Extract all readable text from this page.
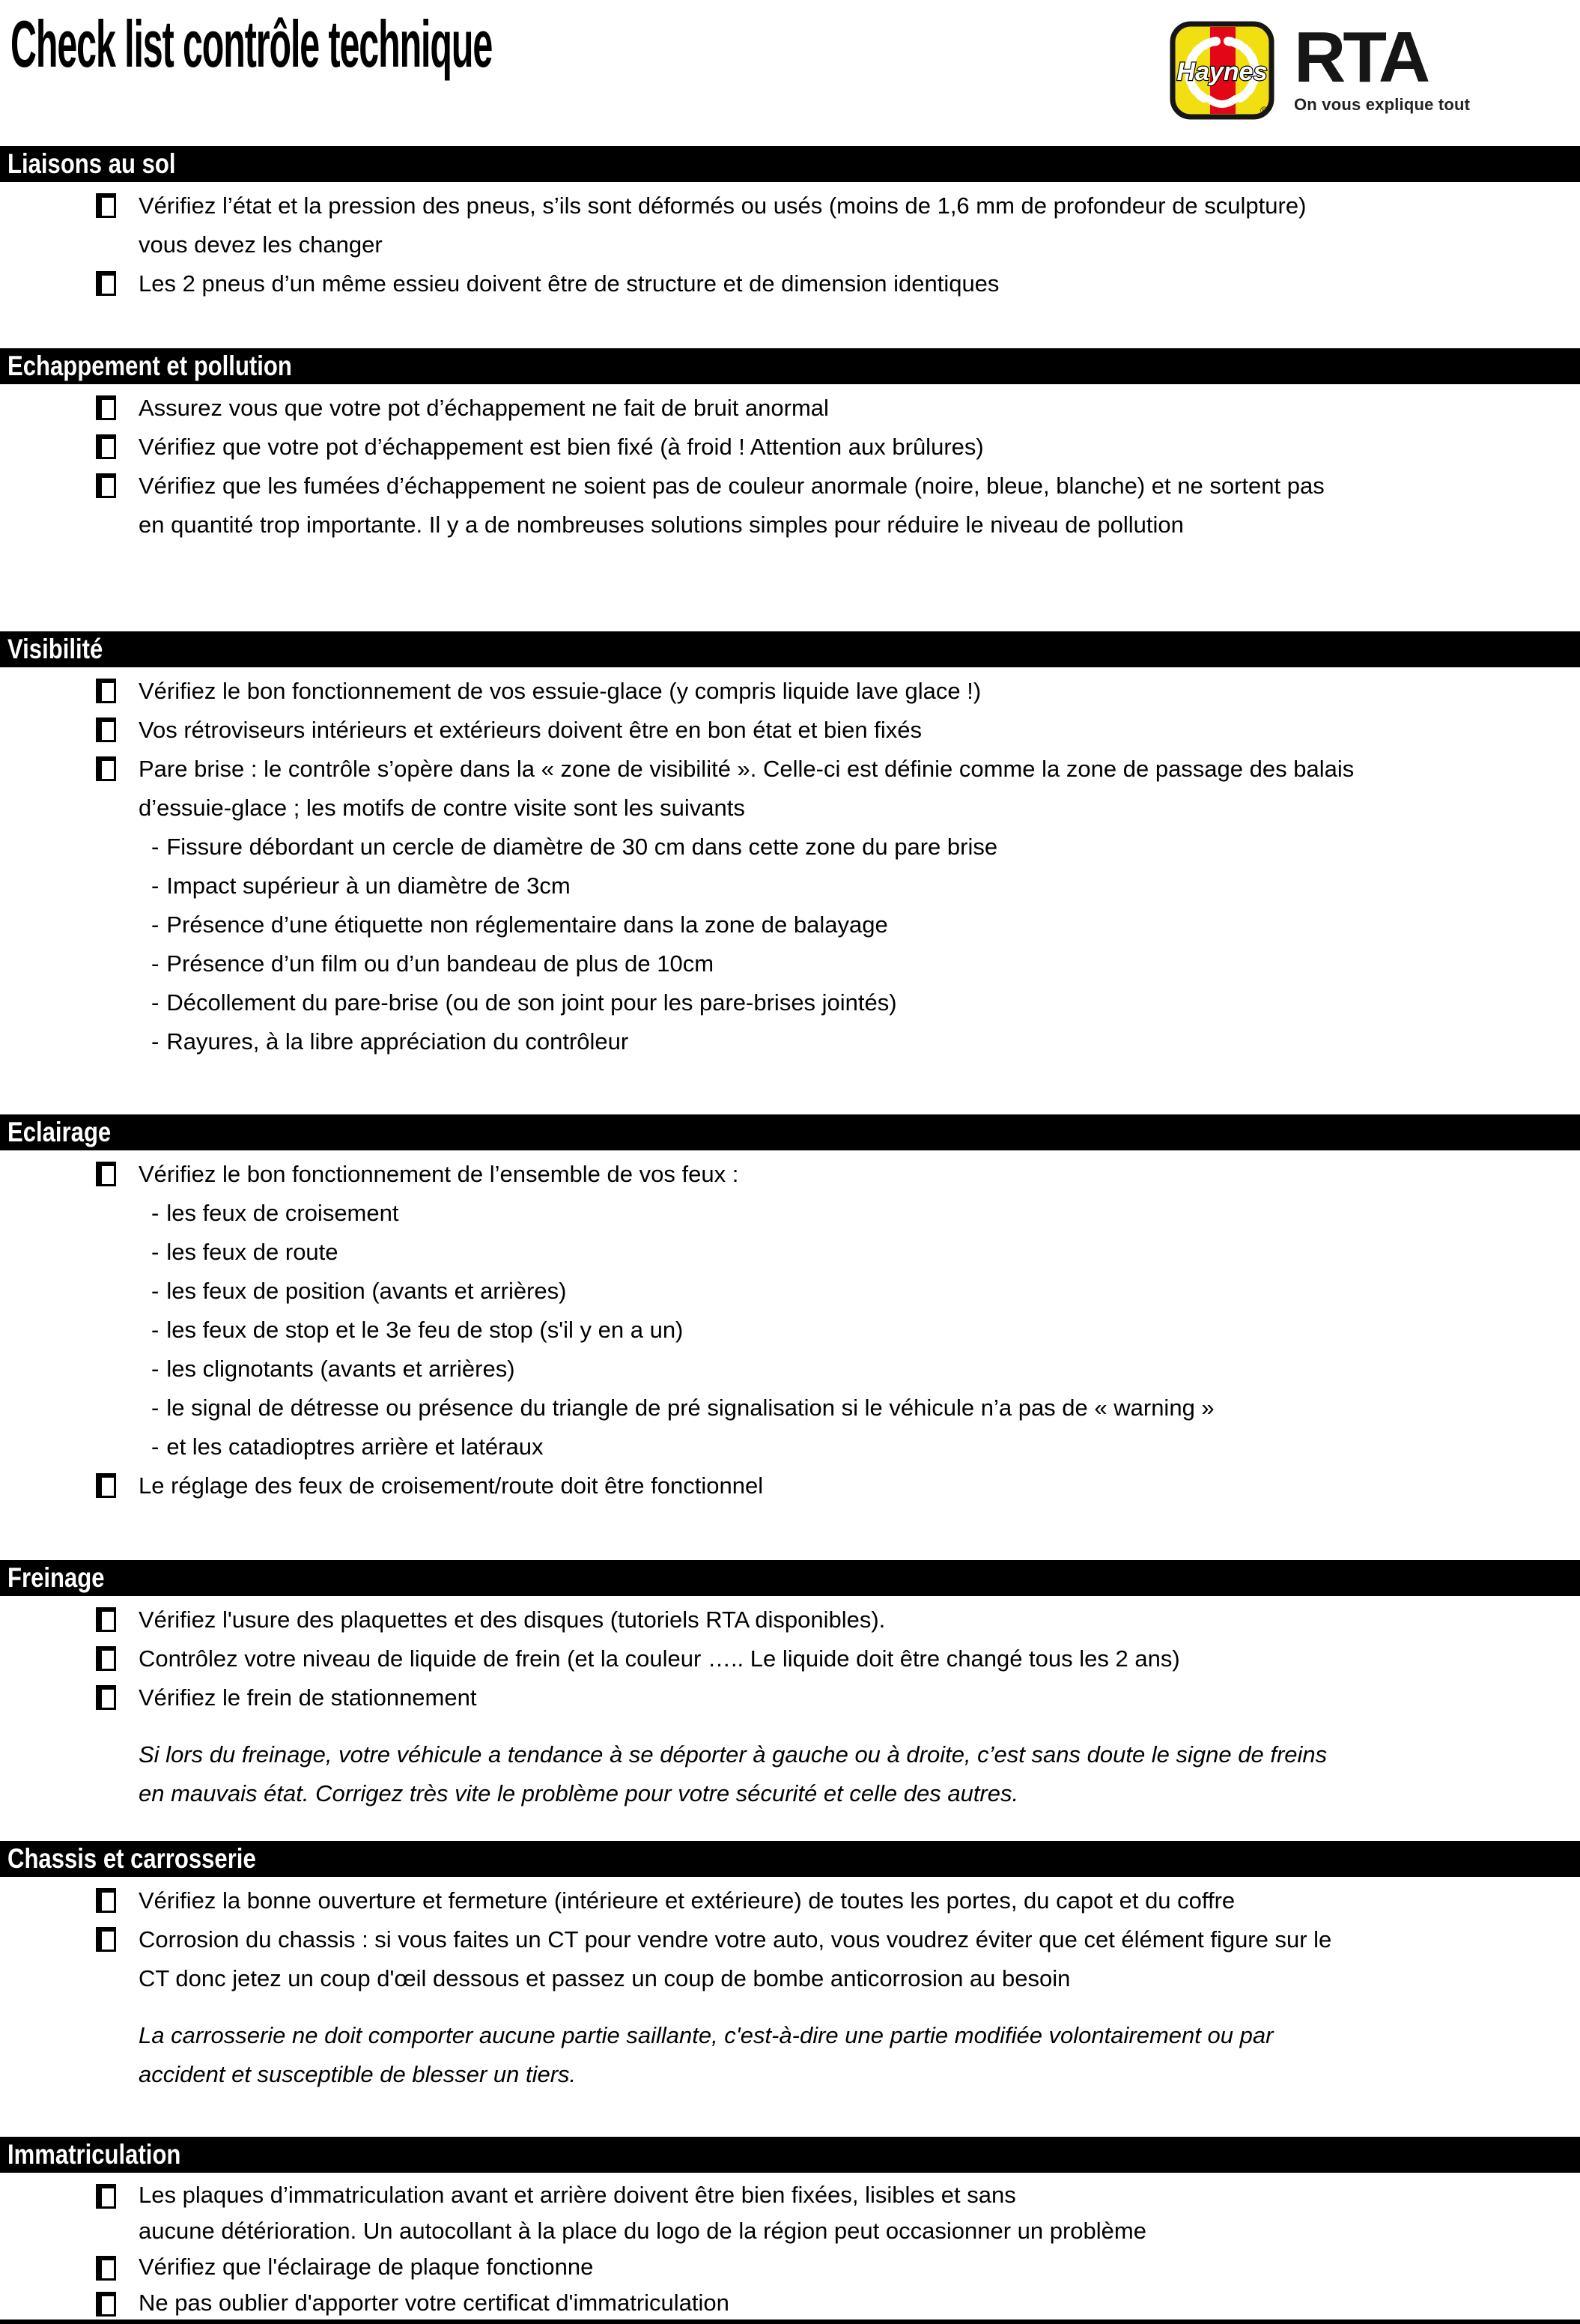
Check list contrôle technique	Haynes
®
RTA
On vous explique tout
Liaisons au sol
Vérifiez l’état et la pression des pneus, s’ils sont déformés ou usés (moins de 1,6 mm de profondeur de sculpture)
vous devez les changer
Les 2 pneus d’un même essieu doivent être de structure et de dimension identiques
Echappement et pollution
Assurez vous que votre pot d’échappement ne fait de bruit anormal
Vérifiez que votre pot d’échappement est bien fixé (à froid ! Attention aux brûlures)
Vérifiez que les fumées d’échappement ne soient pas de couleur anormale (noire, bleue, blanche) et ne sortent pas
en quantité trop importante. Il y a de nombreuses solutions simples pour réduire le niveau de pollution
Visibilité
Vérifiez le bon fonctionnement de vos essuie-glace (y compris liquide lave glace !)
Vos rétroviseurs intérieurs et extérieurs doivent être en bon état et bien fixés
Pare brise : le contrôle s’opère dans la « zone de visibilité ». Celle-ci est définie comme la zone de passage des balais
d’essuie-glace ; les motifs de contre visite sont les suivants
- Fissure débordant un cercle de diamètre de 30 cm dans cette zone du pare brise
- Impact supérieur à un diamètre de 3cm
- Présence d’une étiquette non réglementaire dans la zone de balayage
- Présence d’un film ou d’un bandeau de plus de 10cm
- Décollement du pare-brise (ou de son joint pour les pare-brises jointés)
- Rayures, à la libre appréciation du contrôleur
Eclairage
Vérifiez le bon fonctionnement de l’ensemble de vos feux :
- les feux de croisement
- les feux de route
- les feux de position (avants et arrières)
- les feux de stop et le 3e feu de stop (s'il y en a un)
- les clignotants (avants et arrières)
- le signal de détresse ou présence du triangle de pré signalisation si le véhicule n’a pas de « warning »
- et les catadioptres arrière et latéraux
Le réglage des feux de croisement/route doit être fonctionnel
Freinage
Vérifiez l'usure des plaquettes et des disques (tutoriels RTA disponibles).
Contrôlez votre niveau de liquide de frein (et la couleur ….. Le liquide doit être changé tous les 2 ans)
Vérifiez le frein de stationnement
Si lors du freinage, votre véhicule a tendance à se déporter à gauche ou à droite, c’est sans doute le signe de freins
en mauvais état. Corrigez très vite le problème pour votre sécurité et celle des autres.
Chassis et carrosserie
Vérifiez la bonne ouverture et fermeture (intérieure et extérieure) de toutes les portes, du capot et du coffre
Corrosion du chassis : si vous faites un CT pour vendre votre auto, vous voudrez éviter que cet élément figure sur le
CT donc jetez un coup d'œil dessous et passez un coup de bombe anticorrosion au besoin
La carrosserie ne doit comporter aucune partie saillante, c'est-à-dire une partie modifiée volontairement ou par
accident et susceptible de blesser un tiers.
Immatriculation
Les plaques d’immatriculation avant et arrière doivent être bien fixées, lisibles et sans
aucune détérioration. Un autocollant à la place du logo de la région peut occasionner un problème
Vérifiez que l'éclairage de plaque fonctionne
Ne pas oublier d'apporter votre certificat d'immatriculation
